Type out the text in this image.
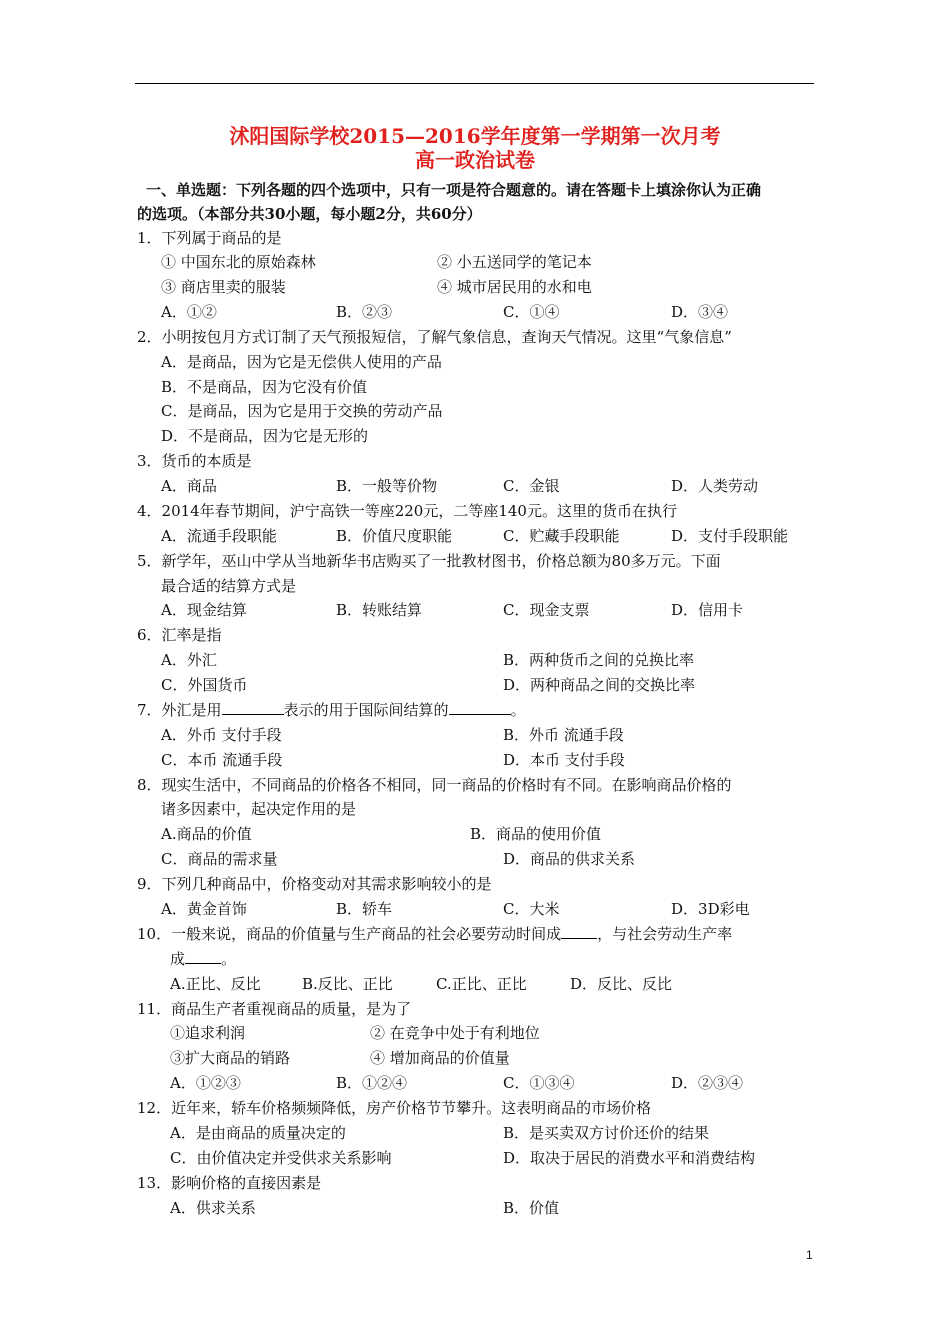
沭阳国际学校2015—2016学年度第一学期第一次月考
高一政治试卷
一、单选题：下列各题的四个选项中，只有一项是符合题意的。请在答题卡上填涂你认为正确
的选项。（本部分共30小题，每小题2分，共60分）
1．下列属于商品的是
① 中国东北的原始森林	② 小五送同学的笔记本
③ 商店里卖的服装	④ 城市居民用的水和电
A．①②	B．②③	C．①④	D．③④
2．小明按包月方式订制了天气预报短信，了解气象信息，查询天气情况。这里“气象信息”
A．是商品，因为它是无偿供人使用的产品
B．不是商品，因为它没有价值
C．是商品，因为它是用于交换的劳动产品
D．不是商品，因为它是无形的
3．货币的本质是
A．商品	B．一般等价物	C．金银	D．人类劳动
4．2014年春节期间，沪宁高铁一等座220元，二等座140元。这里的货币在执行
A．流通手段职能	B．价值尺度职能	C．贮藏手段职能	D．支付手段职能
5．新学年，巫山中学从当地新华书店购买了一批教材图书，价格总额为80多万元。下面
最合适的结算方式是
A．现金结算	B．转账结算	C．现金支票	D．信用卡
6．汇率是指
A．外汇	B．两种货币之间的兑换比率
C．外国货币	D．两种商品之间的交换比率
7．外汇是用	表示的用于国际间结算的	。
A．外币 支付手段	B．外币 流通手段
C．本币 流通手段	D．本币 支付手段
8．现实生活中，不同商品的价格各不相同，同一商品的价格时有不同。在影响商品价格的
诸多因素中，起决定作用的是
A.商品的价值	B．商品的使用价值
C．商品的需求量	D．商品的供求关系
9．下列几种商品中，价格变动对其需求影响较小的是
A．黄金首饰	B．轿车	C．大米	D．3D彩电
10．一般来说，商品的价值量与生产商品的社会必要劳动时间成 ，与社会劳动生产率
成 。
A.正比、反比	B.反比、正比	C.正比、正比	D．反比、反比
11．商品生产者重视商品的质量，是为了
①追求利润	② 在竞争中处于有利地位
③扩大商品的销路	④ 增加商品的价值量
A．①②③	B．①②④	C．①③④	D．②③④
12．近年来，轿车价格频频降低，房产价格节节攀升。这表明商品的市场价格
A．是由商品的质量决定的	B．是买卖双方讨价还价的结果
C．由价值决定并受供求关系影响	D．取决于居民的消费水平和消费结构
13．影响价格的直接因素是
A．供求关系	B．价值
1
